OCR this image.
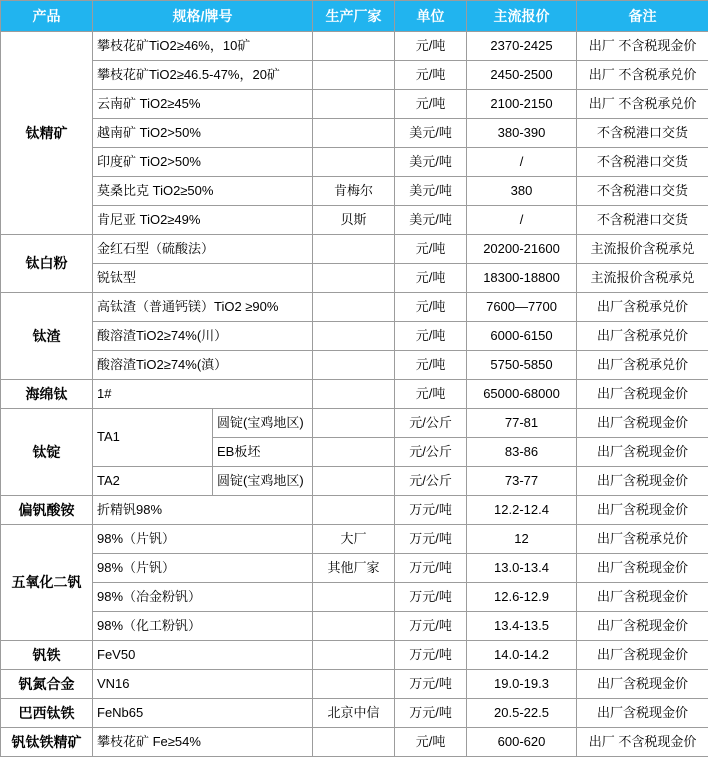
产品	规格/牌号		生产厂家	单位	主流报价	备注
钛精矿	攀枝花矿TiO2≥46%，10矿			元/吨	2370-2425	出厂 不含税现金价
	攀枝花矿TiO2≥46.5-47%，20矿			元/吨	2450-2500	出厂 不含税承兑价
	云南矿 TiO2≥45%			元/吨	2100-2150	出厂 不含税承兑价
	越南矿 TiO2>50%			美元/吨	380-390	不含税港口交货
	印度矿 TiO2>50%			美元/吨	/	不含税港口交货
	莫桑比克 TiO2≥50%		肯梅尔	美元/吨	380	不含税港口交货
	肯尼亚 TiO2≥49%		贝斯	美元/吨	/	不含税港口交货
钛白粉	金红石型（硫酸法）			元/吨	20200-21600	主流报价含税承兑
	锐钛型			元/吨	18300-18800	主流报价含税承兑
钛渣	高钛渣（普通钙镁）TiO2 ≥90%			元/吨	7600—7700	出厂含税承兑价
	酸溶渣TiO2≥74%(川）			元/吨	6000-6150	出厂含税承兑价
	酸溶渣TiO2≥74%(滇）			元/吨	5750-5850	出厂含税承兑价
海绵钛	1#			元/吨	65000-68000	出厂含税现金价
钛锭	TA1	圆锭(宝鸡地区)		元/公斤	77-81	出厂含税现金价
		EB板坯		元/公斤	83-86	出厂含税现金价
	TA2	圆锭(宝鸡地区)		元/公斤	73-77	出厂含税现金价
偏钒酸铵	折精钒98%			万元/吨	12.2-12.4	出厂含税现金价
五氧化二钒	98%（片钒）		大厂	万元/吨	12	出厂含税承兑价
	98%（片钒）		其他厂家	万元/吨	13.0-13.4	出厂含税现金价
	98%（冶金粉钒）			万元/吨	12.6-12.9	出厂含税现金价
	98%（化工粉钒）			万元/吨	13.4-13.5	出厂含税现金价
钒铁	FeV50			万元/吨	14.0-14.2	出厂含税现金价
钒氮合金	VN16			万元/吨	19.0-19.3	出厂含税现金价
巴西钛铁	FeNb65		北京中信	万元/吨	20.5-22.5	出厂含税现金价
钒钛铁精矿	攀枝花矿 Fe≥54%			元/吨	600-620	出厂 不含税现金价
